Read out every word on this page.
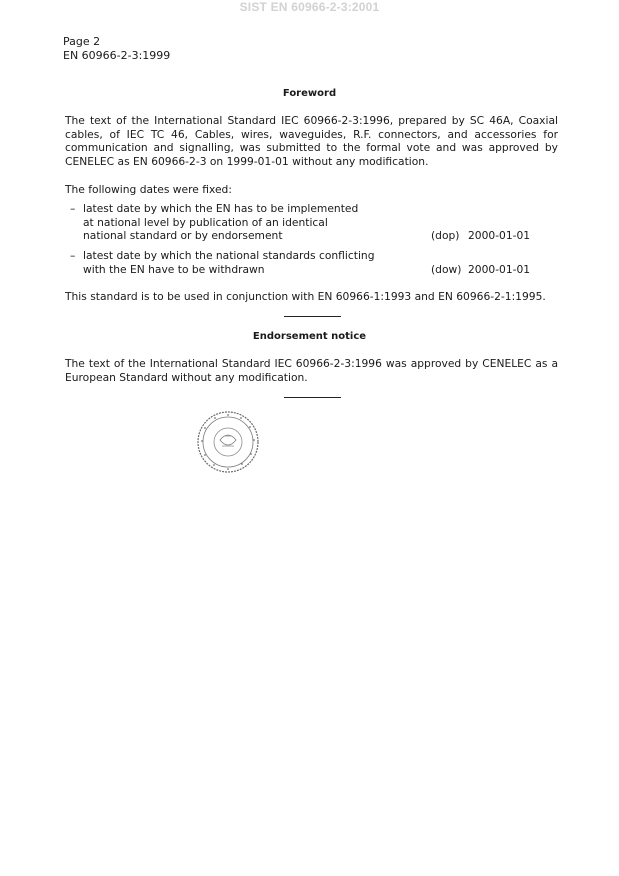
SIST EN 60966-2-3:2001
Page 2
EN 60966-2-3:1999
Foreword
The text of the International Standard IEC 60966-2-3:1996, prepared by SC 46A, Coaxial
cables, of IEC TC 46, Cables, wires, waveguides, R.F. connectors, and accessories for
communication and signalling, was submitted to the formal vote and was approved by
CENELEC as EN 60966-2-3 on 1999-01-01 without any modification.
The following dates were fixed:
– latest date by which the EN has to be implemented
at national level by publication of an identical
national standard or by endorsement	(dop) 2000-01-01
– latest date by which the national standards conflicting
with the EN have to be withdrawn	(dow) 2000-01-01
This standard is to be used in conjunction with EN 60966-1:1993 and EN 60966-2-1:1995.
Endorsement notice
The text of the International Standard IEC 60966-2-3:1996 was approved by CENELEC as a
European Standard without any modification.
